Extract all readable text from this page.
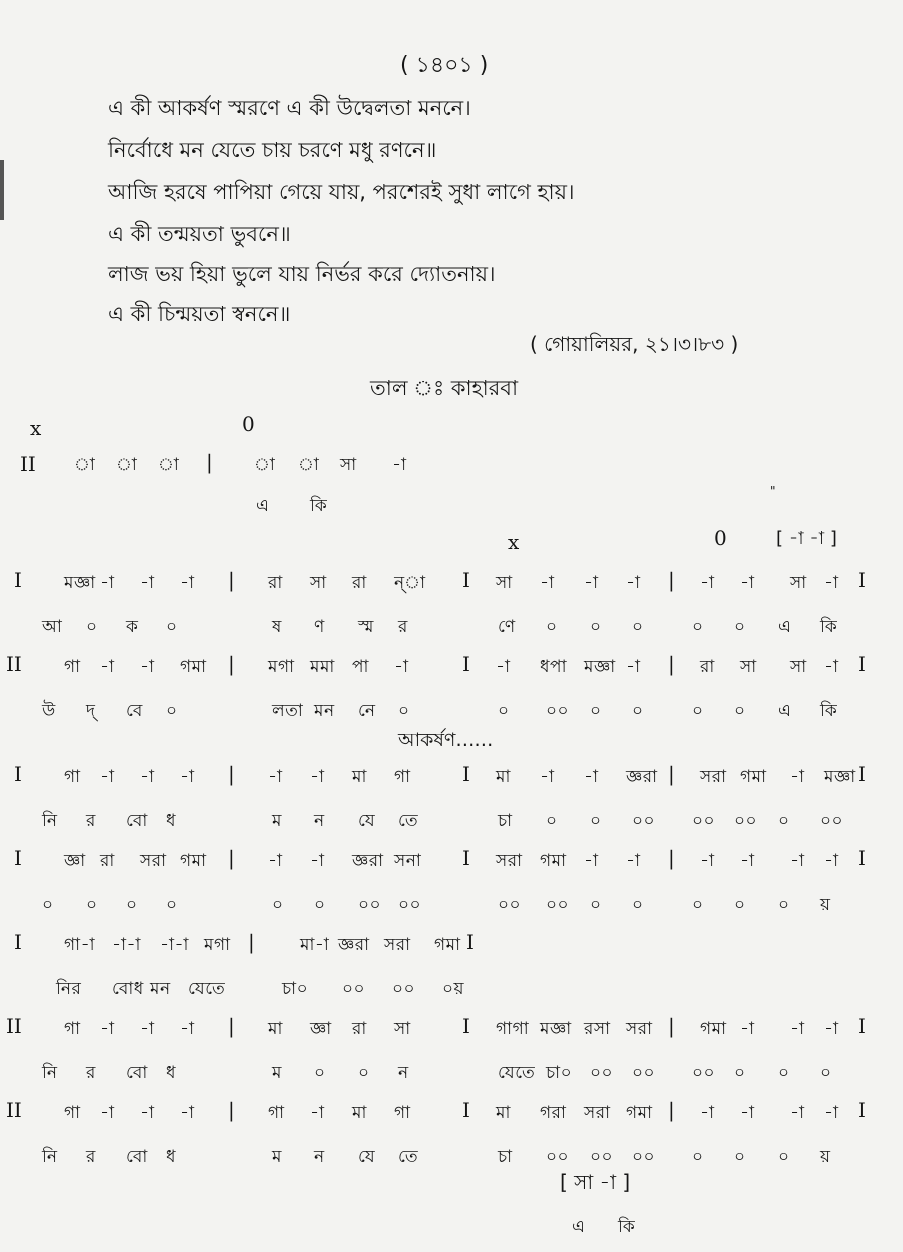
( ১৪০১ )
এ কী আকর্ষণ স্মরণে এ কী উদ্বেলতা মননে।
নির্বোধে মন যেতে চায় চরণে মধু রণনে॥
আজি হরষে পাপিয়া গেয়ে যায়, পরশেরই সুধা লাগে হায়।
এ কী তন্ময়তা ভুবনে॥
লাজ ভয় হিয়া ভুলে যায় নির্ভর করে দ্যোতনায়।
এ কী চিন্ময়তা স্বননে॥
( গোয়ালিয়র, ২১।৩।৮৩ )
তাল ঃ কাহারবা
x	0
II া া া | া া সা -া
এ কি
"
x	0	[ -া -া ]
I মজ্ঞা -া -া -া | রা সা রা ন্‌া I সা -া -া -া | -া -া সা -া I
আ ০ ক ০	ষ ণ স্ম র	ণে ০ ০ ০	০ ০ এ কি
II গা -া -া গমা | মগা মমা পা -া	I -া ধপা মজ্ঞা -া | রা সা সা -া I
উ দ্ বে ০	লতা মন নে ০	০ ০০ ০ ০	০ ০ এ কি
I গা -া -া -া | -া -া মা গা	I মা -া -া জ্ঞরা | সরা গমা -া মজ্ঞা I
নি র বো ধ	ম ন যে তে	চা ০ ০ ০০ ০০ ০০ ০ ০০
I জ্ঞা রা সরা গমা | -া -া জ্ঞরা সনা I সরা গমা -া -া | -া -া -া -া I
০ ০ ০ ০	০ ০ ০০ ০০	০০ ০০ ০ ০	০ ০ ০ য়
I গা-া -া-া -া-া মগা |	মা-া জ্ঞরা সরা গমা I
নির বোধ মন যেতে	চা০ ০০ ০০ ০য়
II গা -া -া -া | মা জ্ঞা রা সা	I গাগা মজ্ঞা রসা সরা | গমা -া -া -া I
নি র বো ধ	ম ০ ০ ন	যেতে চা০ ০০ ০০ ০০ ০ ০ ০
II গা -া -া -া | গা -া মা গা	I মা গরা সরা গমা | -া -া -া -া I
নি র বো ধ	ম ন যে তে	চা ০০ ০০ ০০ ০ ০ ০ য়
আকর্ষণ……
[ সা -া ]
এ কি
